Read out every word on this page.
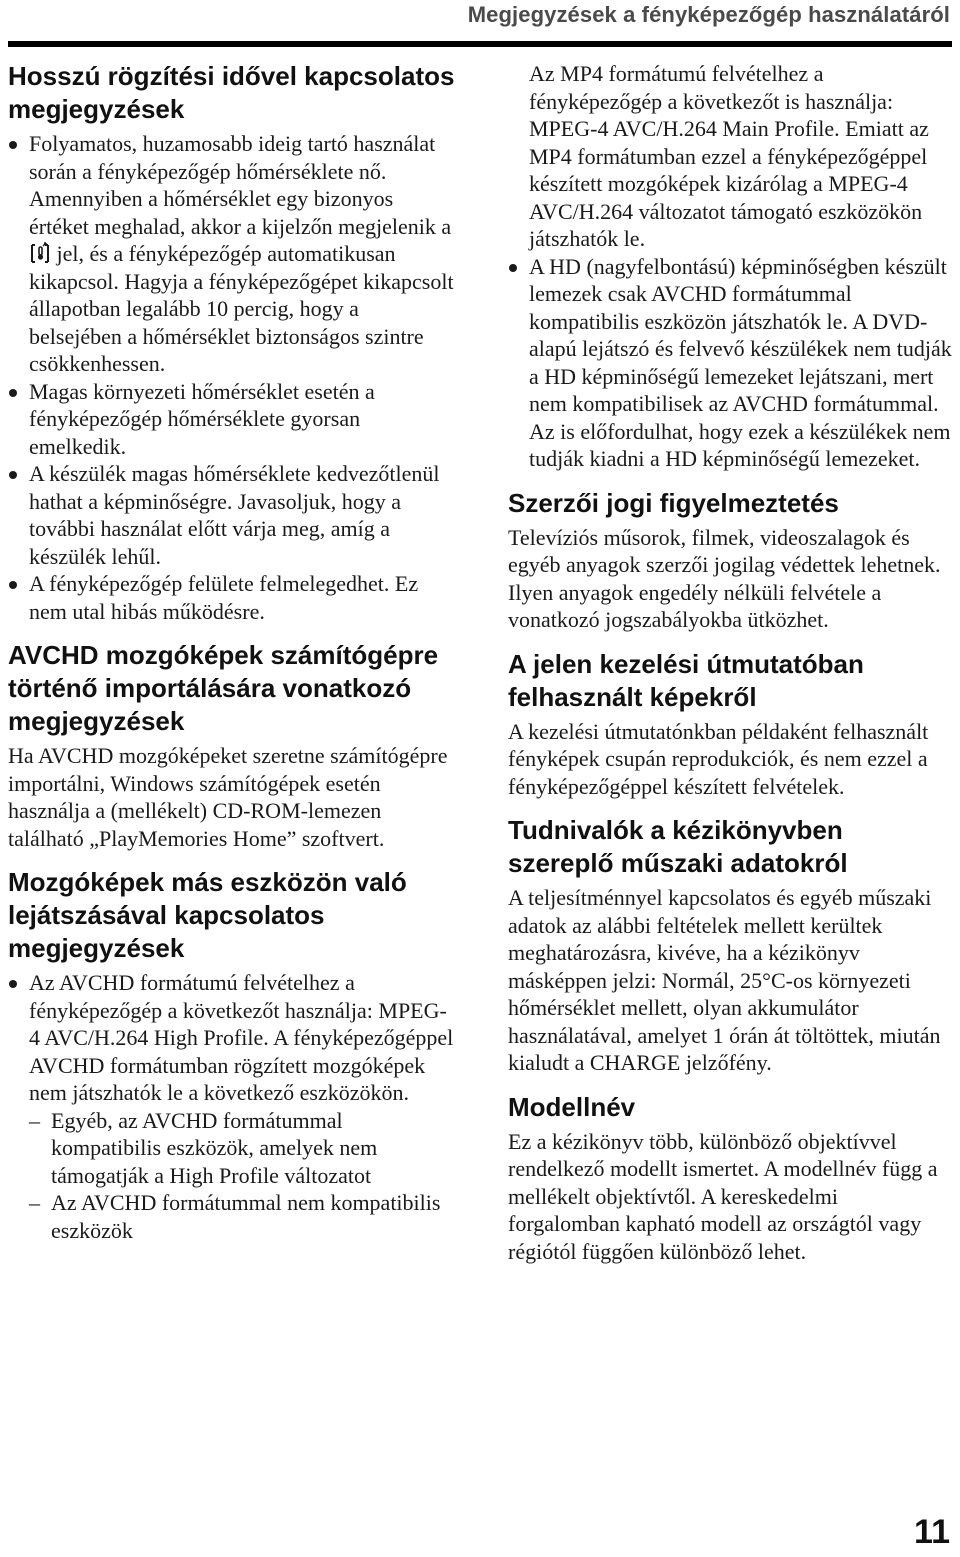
Megjegyzések a fényképezőgép használatáról
Hosszú rögzítési idővel kapcsolatos megjegyzések
Folyamatos, huzamosabb ideig tartó használat során a fényképezőgép hőmérséklete nő. Amennyiben a hőmérséklet egy bizonyos értéket meghalad, akkor a kijelzőn megjelenik a  jel, és a fényképezőgép automatikusan kikapcsol. Hagyja a fényképezőgépet kikapcsolt állapotban legalább 10 percig, hogy a belsejében a hőmérséklet biztonságos szintre csökkenhessen.
Magas környezeti hőmérséklet esetén a fényképezőgép hőmérséklete gyorsan emelkedik.
A készülék magas hőmérséklete kedvezőtlenül hathat a képminőségre. Javasoljuk, hogy a további használat előtt várja meg, amíg a készülék lehűl.
A fényképezőgép felülete felmelegedhet. Ez nem utal hibás működésre.
AVCHD mozgóképek számítógépre történő importálására vonatkozó megjegyzések

Ha AVCHD mozgóképeket szeretne számítógépre importálni, Windows számítógépek esetén használja a (mellékelt) CD-ROM-lemezen található „PlayMemories Home” szoftvert.

Mozgóképek más eszközön való lejátszásával kapcsolatos megjegyzések
Az AVCHD formátumú felvételhez a fényképezőgép a következőt használja: MPEG-4 AVC/H.264 High Profile. A fényképezőgéppel AVCHD formátumban rögzített mozgóképek nem játszhatók le a következő eszközökön.
– Egyéb, az AVCHD formátummal kompatibilis eszközök, amelyek nem támogatják a High Profile változatot
– Az AVCHD formátummal nem kompatibilis eszközök

Az MP4 formátumú felvételhez a fényképezőgép a következőt is használja: MPEG-4 AVC/H.264 Main Profile. Emiatt az MP4 formátumban ezzel a fényképezőgéppel készített mozgóképek kizárólag a MPEG-4 AVC/H.264 változatot támogató eszközökön játszhatók le.

A HD (nagyfelbontású) képminőségben készült lemezek csak AVCHD formátummal kompatibilis eszközön játszhatók le. A DVD-alapú lejátszó és felvevő készülékek nem tudják a HD képminőségű lemezeket lejátszani, mert nem kompatibilisek az AVCHD formátummal. Az is előfordulhat, hogy ezek a készülékek nem tudják kiadni a HD képminőségű lemezeket.
Szerzői jogi figyelmeztetés

Televíziós műsorok, filmek, videoszalagok és egyéb anyagok szerzői jogilag védettek lehetnek. Ilyen anyagok engedély nélküli felvétele a vonatkozó jogszabályokba ütközhet.

A jelen kezelési útmutatóban felhasznált képekről

A kezelési útmutatónkban példaként felhasznált fényképek csupán reprodukciók, és nem ezzel a fényképezőgéppel készített felvételek.

Tudnivalók a kézikönyvben szereplő műszaki adatokról

A teljesítménnyel kapcsolatos és egyéb műszaki adatok az alábbi feltételek mellett kerültek meghatározásra, kivéve, ha a kézikönyv másképpen jelzi: Normál, 25°C-os környezeti hőmérséklet mellett, olyan akkumulátor használatával, amelyet 1 órán át töltöttek, miután kialudt a CHARGE jelzőfény.

Modellnév

Ez a kézikönyv több, különböző objektívvel rendelkező modellt ismertet. A modellnév függ a mellékelt objektívtől. A kereskedelmi forgalomban kapható modell az országtól vagy régiótól függően különböző lehet.

11
